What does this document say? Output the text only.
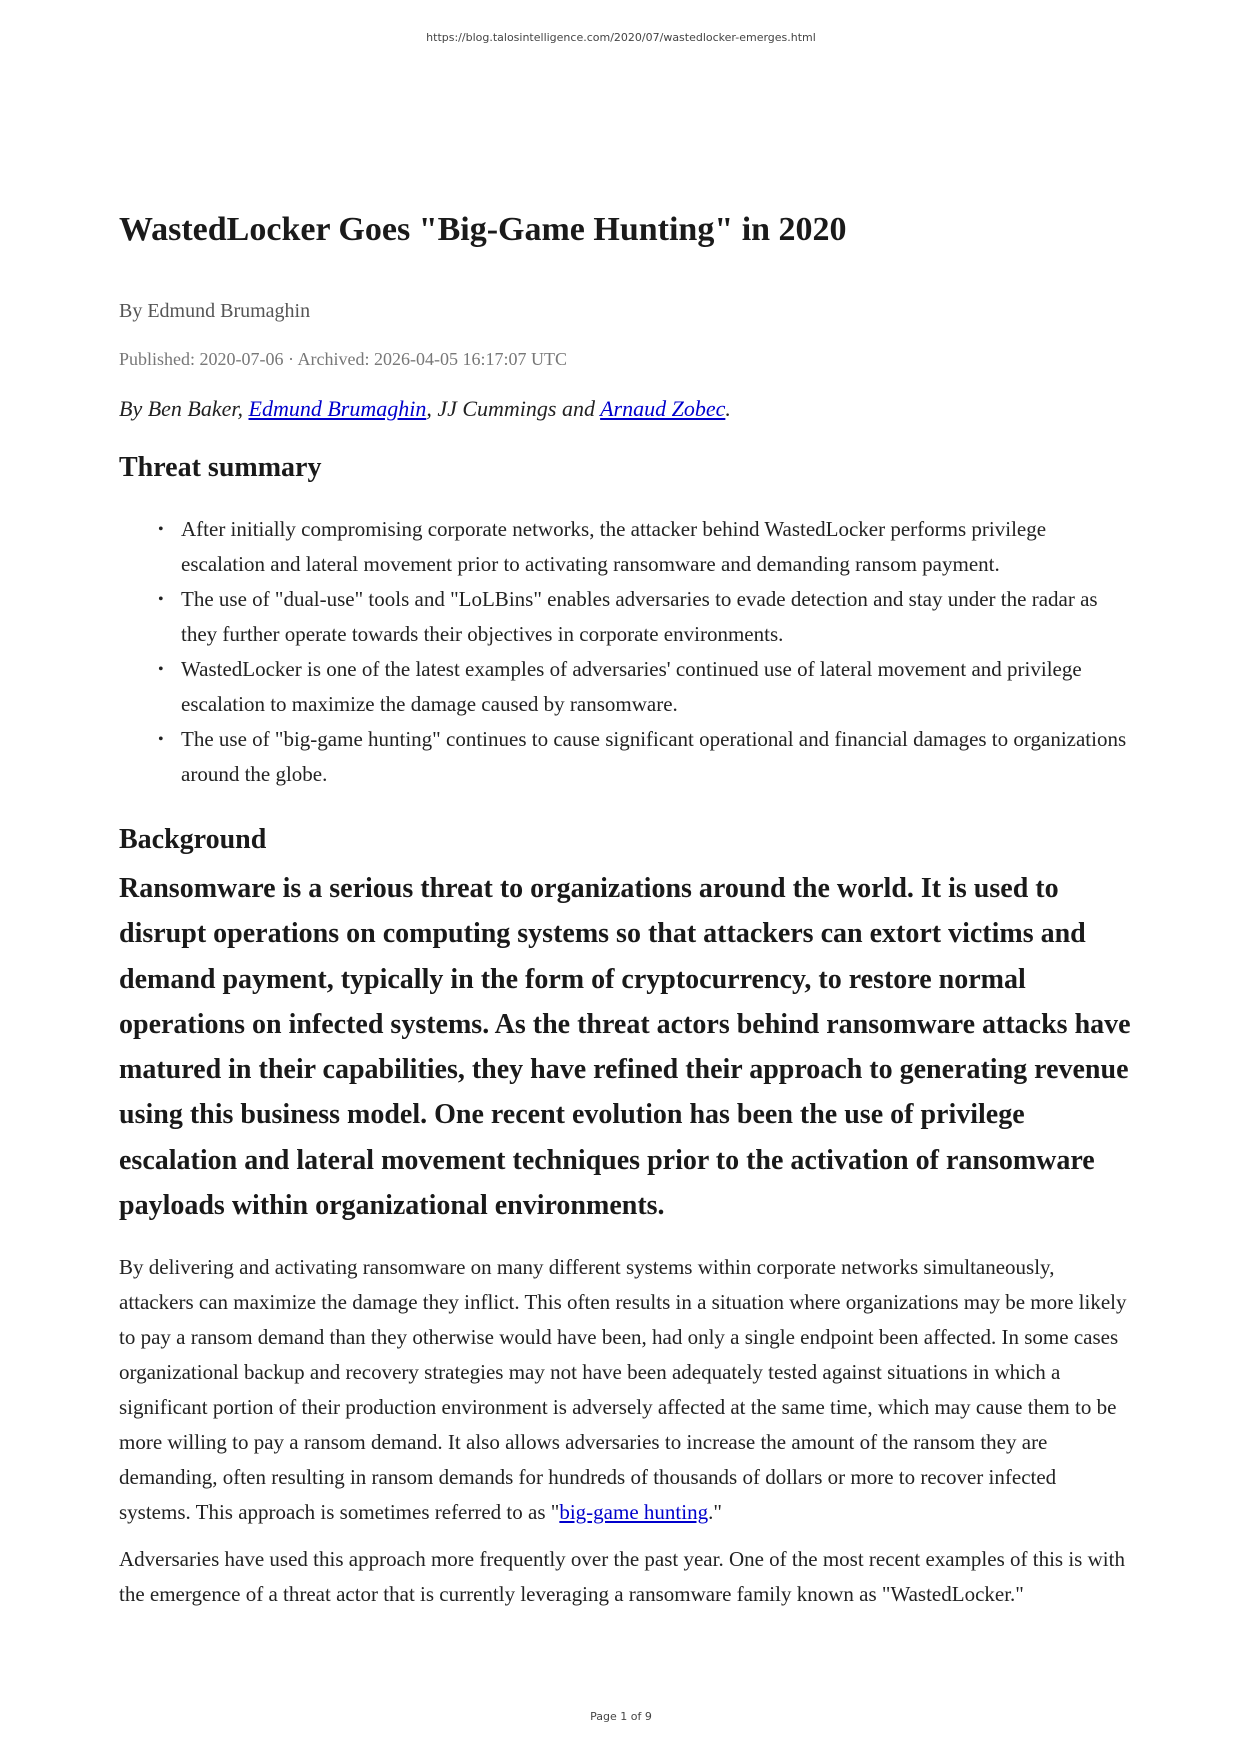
https://blog.talosintelligence.com/2020/07/wastedlocker-emerges.html
WastedLocker Goes "Big-Game Hunting" in 2020
By Edmund Brumaghin
Published: 2020-07-06 · Archived: 2026-04-05 16:17:07 UTC
By Ben Baker, Edmund Brumaghin, JJ Cummings and Arnaud Zobec.
Threat summary
• After initially compromising corporate networks, the attacker behind WastedLocker performs privilege escalation and lateral movement prior to activating ransomware and demanding ransom payment.
• The use of "dual-use" tools and "LoLBins" enables adversaries to evade detection and stay under the radar as they further operate towards their objectives in corporate environments.
• WastedLocker is one of the latest examples of adversaries' continued use of lateral movement and privilege escalation to maximize the damage caused by ransomware.
• The use of "big-game hunting" continues to cause significant operational and financial damages to organizations around the globe.
Background

Ransomware is a serious threat to organizations around the world. It is used to disrupt operations on computing systems so that attackers can extort victims and demand payment, typically in the form of cryptocurrency, to restore normal operations on infected systems. As the threat actors behind ransomware attacks have matured in their capabilities, they have refined their approach to generating revenue using this business model. One recent evolution has been the use of privilege escalation and lateral movement techniques prior to the activation of ransomware payloads within organizational environments.

By delivering and activating ransomware on many different systems within corporate networks simultaneously, attackers can maximize the damage they inflict. This often results in a situation where organizations may be more likely to pay a ransom demand than they otherwise would have been, had only a single endpoint been affected. In some cases organizational backup and recovery strategies may not have been adequately tested against situations in which a significant portion of their production environment is adversely affected at the same time, which may cause them to be more willing to pay a ransom demand. It also allows adversaries to increase the amount of the ransom they are demanding, often resulting in ransom demands for hundreds of thousands of dollars or more to recover infected systems. This approach is sometimes referred to as "big-game hunting."

Adversaries have used this approach more frequently over the past year. One of the most recent examples of this is with the emergence of a threat actor that is currently leveraging a ransomware family known as "WastedLocker."

Page 1 of 9
